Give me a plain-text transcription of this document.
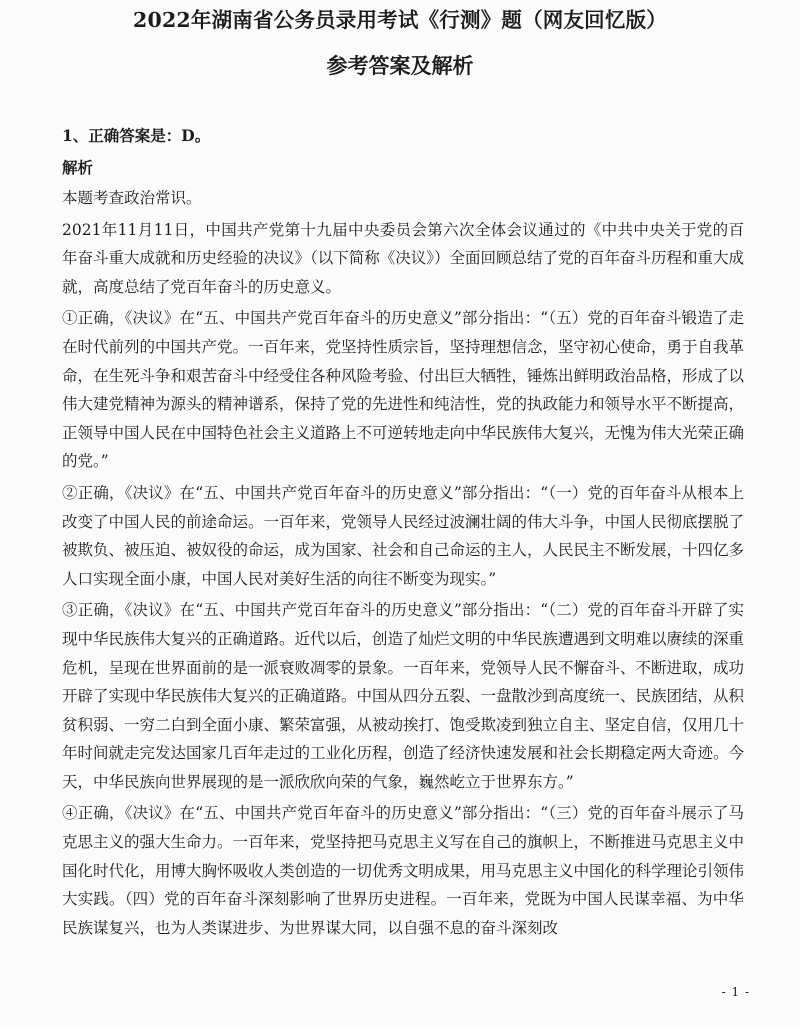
2022年湖南省公务员录用考试《行测》题（网友回忆版）
参考答案及解析
1、正确答案是：D。
解析

本题考查政治常识。

2021年11月11日，中国共产党第十九届中央委员会第六次全体会议通过的《中共中央关于党的百年奋斗重大成就和历史经验的决议》（以下简称《决议》）全面回顾总结了党的百年奋斗历程和重大成就，高度总结了党百年奋斗的历史意义。

①正确，《决议》在“五、中国共产党百年奋斗的历史意义”部分指出：“（五）党的百年奋斗锻造了走在时代前列的中国共产党。一百年来，党坚持性质宗旨，坚持理想信念，坚守初心使命，勇于自我革命，在生死斗争和艰苦奋斗中经受住各种风险考验、付出巨大牺牲，锤炼出鲜明政治品格，形成了以伟大建党精神为源头的精神谱系，保持了党的先进性和纯洁性，党的执政能力和领导水平不断提高，正领导中国人民在中国特色社会主义道路上不可逆转地走向中华民族伟大复兴，无愧为伟大光荣正确的党。”

②正确，《决议》在“五、中国共产党百年奋斗的历史意义”部分指出：“（一）党的百年奋斗从根本上改变了中国人民的前途命运。一百年来，党领导人民经过波澜壮阔的伟大斗争，中国人民彻底摆脱了被欺负、被压迫、被奴役的命运，成为国家、社会和自己命运的主人，人民民主不断发展，十四亿多人口实现全面小康，中国人民对美好生活的向往不断变为现实。”

③正确，《决议》在“五、中国共产党百年奋斗的历史意义”部分指出：“（二）党的百年奋斗开辟了实现中华民族伟大复兴的正确道路。近代以后，创造了灿烂文明的中华民族遭遇到文明难以赓续的深重危机，呈现在世界面前的是一派衰败凋零的景象。一百年来，党领导人民不懈奋斗、不断进取，成功开辟了实现中华民族伟大复兴的正确道路。中国从四分五裂、一盘散沙到高度统一、民族团结，从积贫积弱、一穷二白到全面小康、繁荣富强，从被动挨打、饱受欺凌到独立自主、坚定自信，仅用几十年时间就走完发达国家几百年走过的工业化历程，创造了经济快速发展和社会长期稳定两大奇迹。今天，中华民族向世界展现的是一派欣欣向荣的气象，巍然屹立于世界东方。”

④正确，《决议》在“五、中国共产党百年奋斗的历史意义”部分指出：“（三）党的百年奋斗展示了马克思主义的强大生命力。一百年来，党坚持把马克思主义写在自己的旗帜上，不断推进马克思主义中国化时代化，用博大胸怀吸收人类创造的一切优秀文明成果，用马克思主义中国化的科学理论引领伟大实践。（四）党的百年奋斗深刻影响了世界历史进程。一百年来，党既为中国人民谋幸福、为中华民族谋复兴，也为人类谋进步、为世界谋大同，以自强不息的奋斗深刻改

- 1 -
